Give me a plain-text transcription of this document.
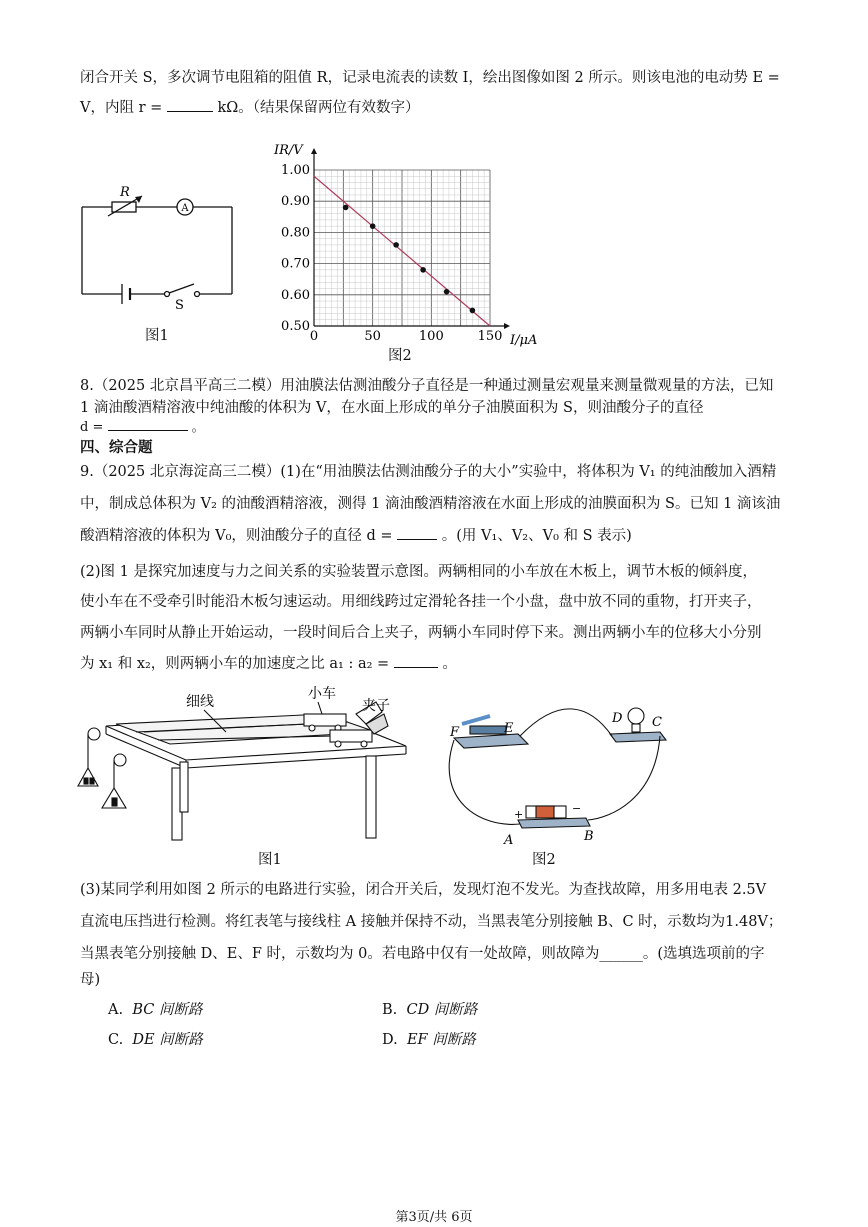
闭合开关 S，多次调节电阻箱的阻值 R，记录电流表的读数 I，绘出图像如图 2 所示。则该电池的电动势 E =
V，内阻 r =	kΩ。（结果保留两位有效数字）
R
A
S
图1	0	50	100	150
0.50
0.60
0.70
0.80
0.90
1.00
IR/V
I/μA
图2
8.（2025 北京昌平高三二模）用油膜法估测油酸分子直径是一种通过测量宏观量来测量微观量的方法，已知
1 滴油酸酒精溶液中纯油酸的体积为 V，在水面上形成的单分子油膜面积为 S，则油酸分子的直径
d =	。
四、综合题
9.（2025 北京海淀高三二模）(1)在“用油膜法估测油酸分子的大小”实验中，将体积为 V₁ 的纯油酸加入酒精
中，制成总体积为 V₂ 的油酸酒精溶液，测得 1 滴油酸酒精溶液在水面上形成的油膜面积为 S。已知 1 滴该油
酸酒精溶液的体积为 V₀，则油酸分子的直径 d =	。(用 V₁、V₂、V₀ 和 S 表示)
(2)图 1 是探究加速度与力之间关系的实验装置示意图。两辆相同的小车放在木板上，调节木板的倾斜度，
使小车在不受牵引时能沿木板匀速运动。用细线跨过定滑轮各挂一个小盘，盘中放不同的重物，打开夹子，
两辆小车同时从静止开始运动，一段时间后合上夹子，两辆小车同时停下来。测出两辆小车的位移大小分别
为 x₁ 和 x₂，则两辆小车的加速度之比 a₁ : a₂ =	。
细线	小车
夹子
图1
F	E
D C
A	B
+	−
图2
(3)某同学利用如图 2 所示的电路进行实验，闭合开关后，发现灯泡不发光。为查找故障，用多用电表 2.5V
直流电压挡进行检测。将红表笔与接线柱 A 接触并保持不动，当黑表笔分别接触 B、C 时，示数均为1.48V；
当黑表笔分别接触 D、E、F 时，示数均为 0。若电路中仅有一处故障，则故障为______。(选填选项前的字
母)
A. BC 间断路	B. CD 间断路
C. DE 间断路	D. EF 间断路
第3页/共 6页
